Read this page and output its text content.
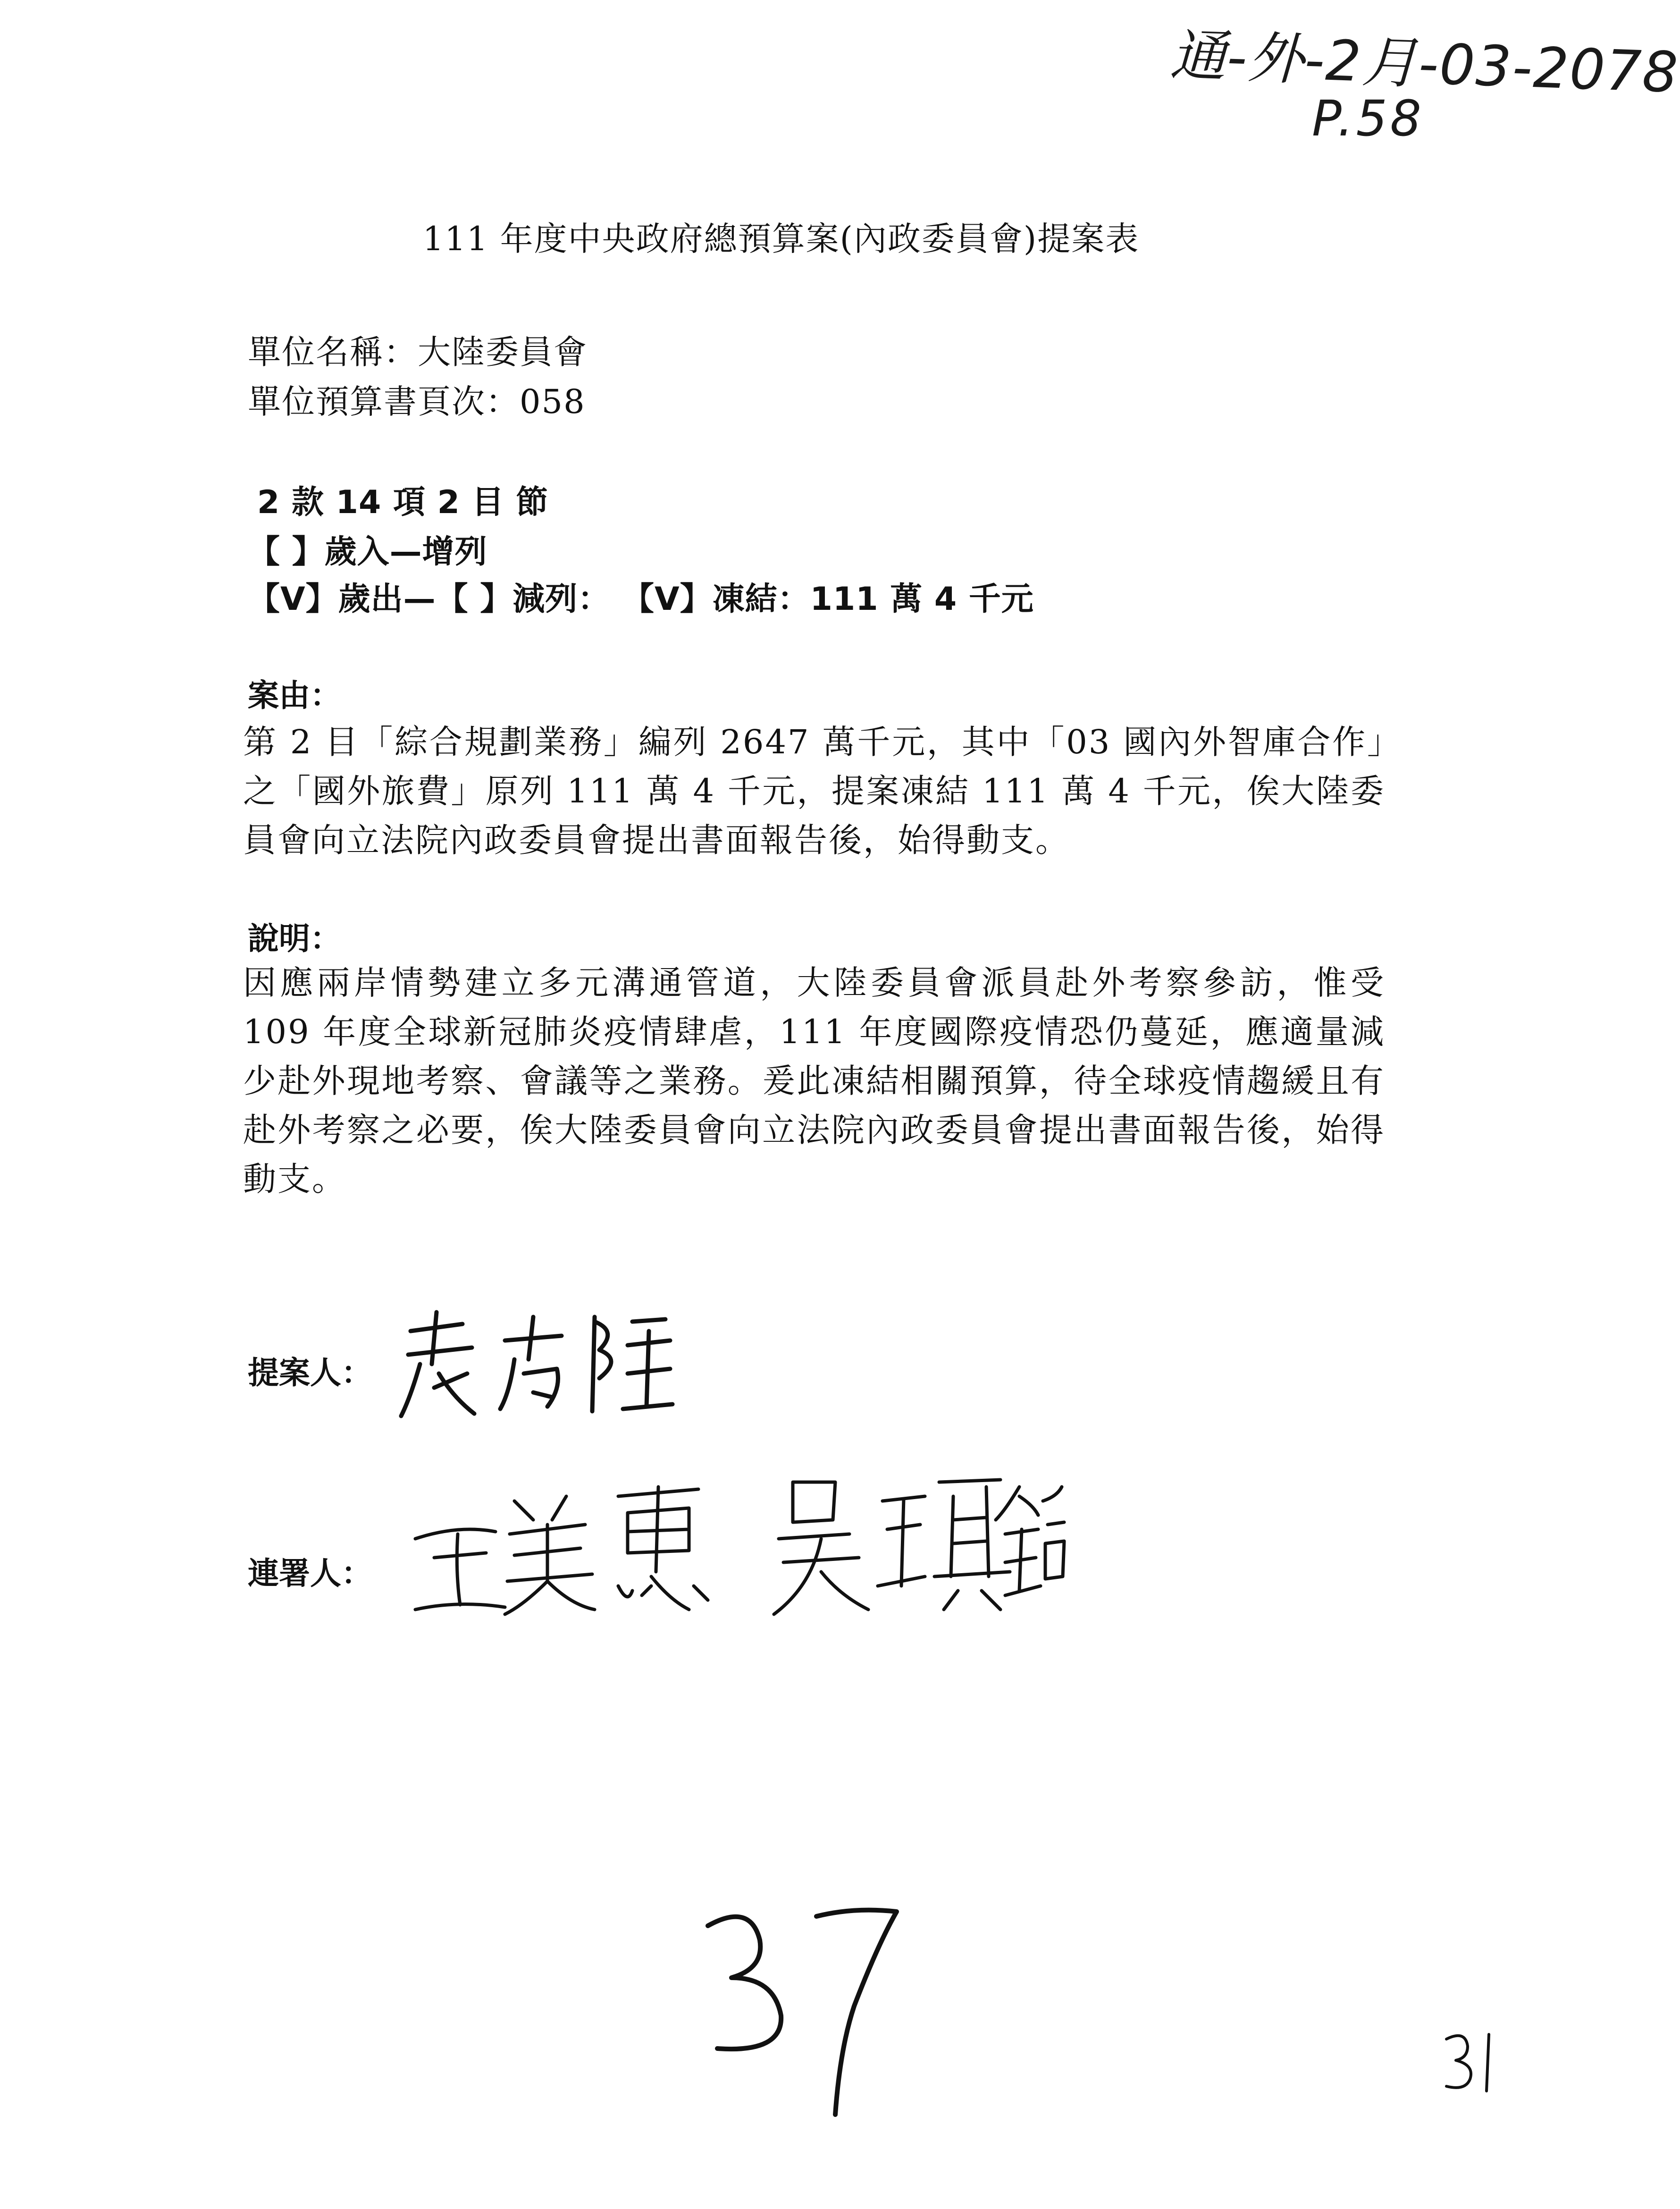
通-外-2月-03-2078
P.58
111 年度中央政府總預算案(內政委員會)提案表
單位名稱：大陸委員會
單位預算書頁次：058
2 款 14 項 2 目 節
【 】歲入—增列
【V】歲出—【 】減列： 【V】凍結：111 萬 4 千元
案由：
第 2 目「綜合規劃業務」編列 2647 萬千元，其中「03 國內外智庫合作」之「國外旅費」原列 111 萬 4 千元，提案凍結 111 萬 4 千元，俟大陸委員會向立法院內政委員會提出書面報告後，始得動支。
說明：
因應兩岸情勢建立多元溝通管道，大陸委員會派員赴外考察參訪，惟受 109 年度全球新冠肺炎疫情肆虐，111 年度國際疫情恐仍蔓延，應適量減少赴外現地考察、會議等之業務。爰此凍結相關預算，待全球疫情趨緩且有赴外考察之必要，俟大陸委員會向立法院內政委員會提出書面報告後，始得動支。
提案人：
連署人：
